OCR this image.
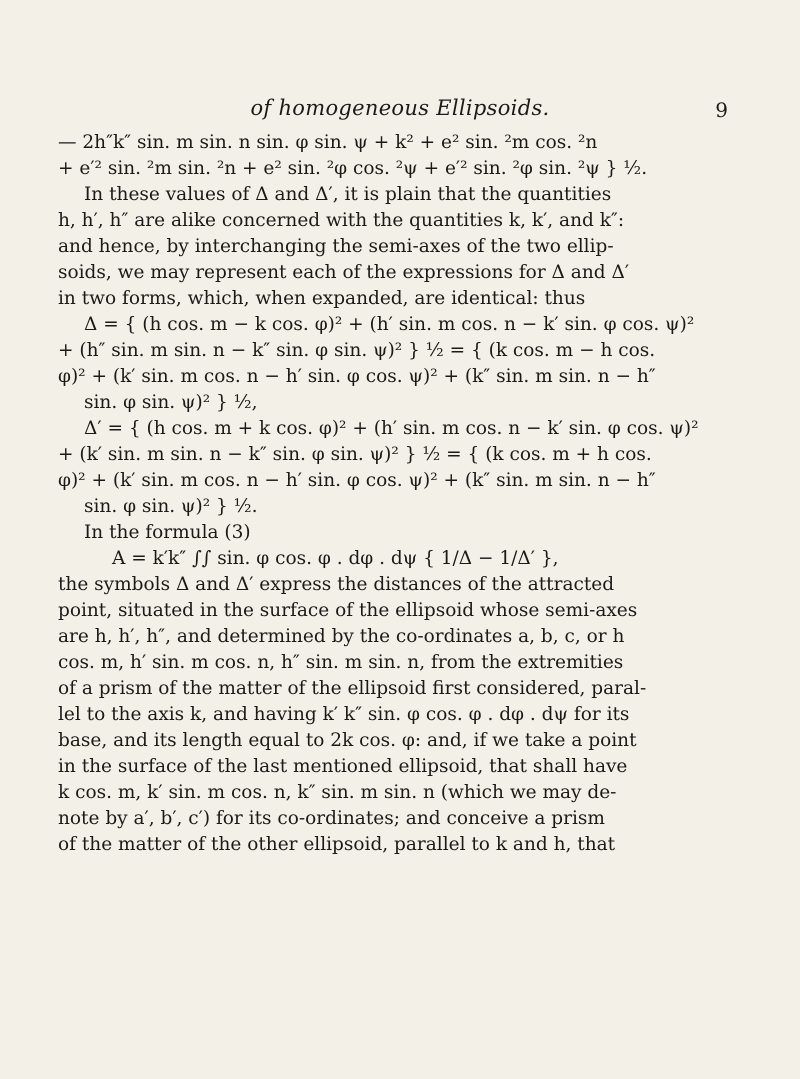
of homogeneous Ellipsoids.	9
— 2h″k″ sin. m sin. n sin. φ sin. ψ + k² + e² sin. ²m cos. ²n
+ e′² sin. ²m sin. ²n + e² sin. ²φ cos. ²ψ + e′² sin. ²φ sin. ²ψ } ½.
In these values of Δ and Δ′, it is plain that the quantities
h, h′, h″ are alike concerned with the quantities k, k′, and k″:
and hence, by interchanging the semi-axes of the two ellip-
soids, we may represent each of the expressions for Δ and Δ′
in two forms, which, when expanded, are identical: thus
Δ = { (h cos. m − k cos. φ)² + (h′ sin. m cos. n − k′ sin. φ cos. ψ)²
+ (h″ sin. m sin. n − k″ sin. φ sin. ψ)² } ½ = { (k cos. m − h cos.
φ)² + (k′ sin. m cos. n − h′ sin. φ cos. ψ)² + (k″ sin. m sin. n − h″
sin. φ sin. ψ)² } ½,
Δ′ = { (h cos. m + k cos. φ)² + (h′ sin. m cos. n − k′ sin. φ cos. ψ)²
+ (k′ sin. m sin. n − k″ sin. φ sin. ψ)² } ½ = { (k cos. m + h cos.
φ)² + (k′ sin. m cos. n − h′ sin. φ cos. ψ)² + (k″ sin. m sin. n − h″
sin. φ sin. ψ)² } ½.
In the formula (3)
A = k′k″ ∫∫ sin. φ cos. φ . dφ . dψ { 1/Δ − 1/Δ′ },
the symbols Δ and Δ′ express the distances of the attracted
point, situated in the surface of the ellipsoid whose semi-axes
are h, h′, h″, and determined by the co-ordinates a, b, c, or h
cos. m, h′ sin. m cos. n, h″ sin. m sin. n, from the extremities
of a prism of the matter of the ellipsoid first considered, paral-
lel to the axis k, and having k′ k″ sin. φ cos. φ . dφ . dψ for its
base, and its length equal to 2k cos. φ: and, if we take a point
in the surface of the last mentioned ellipsoid, that shall have
k cos. m, k′ sin. m cos. n, k″ sin. m sin. n (which we may de-
note by a′, b′, c′) for its co-ordinates; and conceive a prism
of the matter of the other ellipsoid, parallel to k and h, that
